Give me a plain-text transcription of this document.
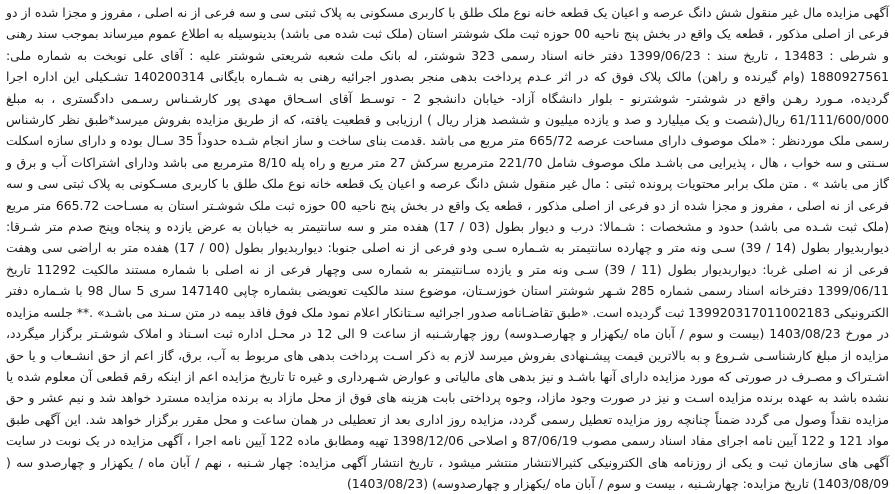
آگهی مزایده مال غیر منقول شش دانگ عرصه و اعیان یک قطعه خانه نوع ملک طلق با کاربری مسکونی به پلاک ثبتی سی و سه فرعی از نه اصلی ، مفروز و مجزا شده از دو فرعی از اصلی مذکور ، قطعه یک واقع در بخش پنج ناحیه 00 حوزه ثبت ملک شوشتر استان (ملک ثبت شده می باشد) بدینوسیله به اطلاع عموم میرساند بموجب سند رهنی و شرطی : 13483 ، تاریخ سند : 1399/06/23 دفتر خانه اسناد رسمی 323 شوشتر، له بانک ملت شعبه شریعتی شوشتر علیه : آقای علی نوبخت به شماره ملی: 1880927561 (وام گیرنده و راهن) مالک پلاک فوق که در اثر عـدم پرداخت بدهی منجر بصدور اجرائیه رهنی به شـماره بایگانی 140200314 تشـکیلی این اداره اجرا گردیده، مـورد رهـن واقع در شوشتر- شوشترنو - بلوار دانشگاه آزاد- خیابان دانشجو 2 - توسـط آقای اسـحاق مهدی پور کارشـناس رسـمی دادگستری ، به مبلغ 61/111/600/000 ریال(شصت و یک میلیارد و صد و یازده میلیون و ششصد هزار ریال ) ارزیابی و قطعیت یافته، که از طریق مزایده بفروش میرسد*طبق نظر کارشناس رسمی ملک موردنظر : «ملک موصوف دارای مساحت عرصه 665/72 متر مربع می باشد .قدمت بنای ساخت و ساز انجام شـده حدوداً 35 سـال بوده و دارای سازه اسکلت سـنتی و سه خواب ، هال ، پذیرایی می باشـد ملک موصوف شامل 221/70 مترمربع سرکش 27 متر مربع و راه پله 8/10 مترمربع می باشد ودارای اشتراکات آب و برق و گاز می باشد » . متن ملک برابر محتویات پرونده ثبتی : مال غیر منقول شش دانگ عرصه و اعیان یک قطعه خانه نوع ملک طلق با کاربری مسـکونی به پلاک ثبتی سی و سه فرعی از نه اصلی ، مفروز و مجزا شده از دو فرعی از اصلی مذکور ، قطعه یک واقع در بخش پنج ناحیه 00 حوزه ثبت ملک شوشـتر استان به مسـاحت 665.72 متر مربع (ملک ثبت شـده می باشد) حدود و مشخصات : شـمالا: درب و دیوار بطول (03 / 17) هفده متر و سه سانتیمتر به خیابان به عرض یازده و پنجاه وپنج صدم متر شـرقا: دیواربدیوار بطول (14 / 39) سـی ونه متر و چهارده سانتیمتر به شـماره سـی ودو فرعی از نه اصلی جنوبا: دیواربدیوار بطول (00 / 17) هفده متر به اراضی سی وهفت فرعی از نه اصلی غربا: دیواربدیوار بطول (11 / 39) سـی ونه متر و یازده سـانتیمتر به شماره سی وچهار فرعی از نه اصلی با شماره مستند مالکیت 11292 تاریخ 1399/06/11 دفترخانه اسناد رسمی شماره 285 شـهر شوشتر استان خوزسـتان، موضوع سند مالکیت تعویضی بشماره چاپی 147140 سری 5 سال 98 با شـماره دفتر الکترونیکی 139920317011002183 ثبت گردیده است. «طبق تقاضـانامه صدور اجرائیه سـتانکار اعلام نمود ملک فوق فاقد بیمه در متن سـند می باشـد» .** جلسه مزایده در مورخ 1403/08/23 (بیست و سوم / آبان ماه /یکهزار و چهارصـدوسه) روز چهارشـنبه از ساعت 9 الی 12 در محـل اداره ثبت اسـناد و املاک شوشـتر برگزار میگردد، مزایده از مبلغ کارشناسـی شـروع و به بالاترین قیمت پیشـنهادی بفروش میرسد لازم به ذکر اسـت پرداخت بدهی های مربوط به آب، برق، گاز اعم از حق انشـعاب و یا حق اشـتراک و مصـرف در صورتی که مورد مزایده دارای آنها باشـد و نیز بدهی های مالیاتی و عوارض شـهرداری و غیره تا تاریخ مزایده اعم از اینکه رقم قطعی آن معلوم شده یا نشده باشد به عهده برنده مزایده اسـت و نیز در صورت وجود مازاد، وجوه پرداختی بابت هزینه های فوق از محل مازاد به برنده مزایده مسترد خواهد شد و نیم عشر و حق مزایده نقداً وصول می گردد ضمناً چنانچه روز مزایده تعطیل رسمی گردد، مزایده روز اداری بعد از تعطیلی در همان ساعت و محل مقرر برگزار خواهد شد. این آگهی طبق مواد 121 و 122 آیین نامه اجرای مفاد اسناد رسمی مصوب 87/06/19 و اصلاحی 1398/12/06 تهیه ومطابق ماده 122 آیین نامه اجرا ، آگهی مزایده در یک نوبت در سایت آگهی های سازمان ثبت و یکی از روزنامه های الکترونیکی کثیرالانتشار منتشر میشود ، تاریخ انتشار آگهی مزایده: چهار شـنبه ، نهم / آبان ماه / یکهزار و چهارصدو سه ( 1403/08/09) تاریخ مزایده: چهارشـنبه ، بیست و سوم / آبان ماه /یکهزار و چهارصدوسه) (1403/08/23)
